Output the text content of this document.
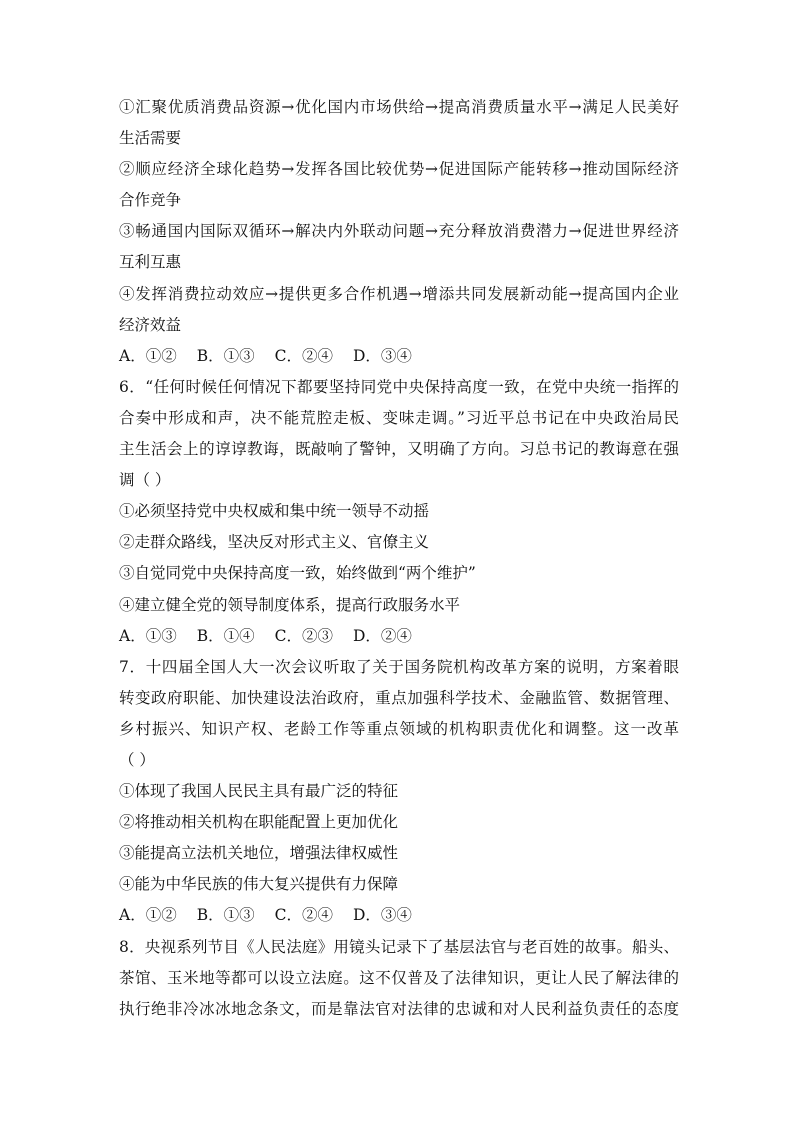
①汇聚优质消费品资源→优化国内市场供给→提高消费质量水平→满足人民美好
生活需要
②顺应经济全球化趋势→发挥各国比较优势→促进国际产能转移→推动国际经济
合作竞争
③畅通国内国际双循环→解决内外联动问题→充分释放消费潜力→促进世界经济
互利互惠
④发挥消费拉动效应→提供更多合作机遇→增添共同发展新动能→提高国内企业
经济效益
A．①② B．①③ C．②④ D．③④
6．“任何时候任何情况下都要坚持同党中央保持高度一致，在党中央统一指挥的
合奏中形成和声，决不能荒腔走板、变味走调。”习近平总书记在中央政治局民
主生活会上的谆谆教诲，既敲响了警钟，又明确了方向。习总书记的教诲意在强
调（ ）
①必须坚持党中央权威和集中统一领导不动摇
②走群众路线，坚决反对形式主义、官僚主义
③自觉同党中央保持高度一致，始终做到“两个维护”
④建立健全党的领导制度体系，提高行政服务水平
A．①③ B．①④ C．②③ D．②④
7．十四届全国人大一次会议听取了关于国务院机构改革方案的说明，方案着眼
转变政府职能、加快建设法治政府，重点加强科学技术、金融监管、数据管理、
乡村振兴、知识产权、老龄工作等重点领域的机构职责优化和调整。这一改革
（ ）
①体现了我国人民民主具有最广泛的特征
②将推动相关机构在职能配置上更加优化
③能提高立法机关地位，增强法律权威性
④能为中华民族的伟大复兴提供有力保障
A．①② B．①③ C．②④ D．③④
8．央视系列节目《人民法庭》用镜头记录下了基层法官与老百姓的故事。船头、
茶馆、玉米地等都可以设立法庭。这不仅普及了法律知识，更让人民了解法律的
执行绝非冷冰冰地念条文，而是靠法官对法律的忠诚和对人民利益负责任的态度
